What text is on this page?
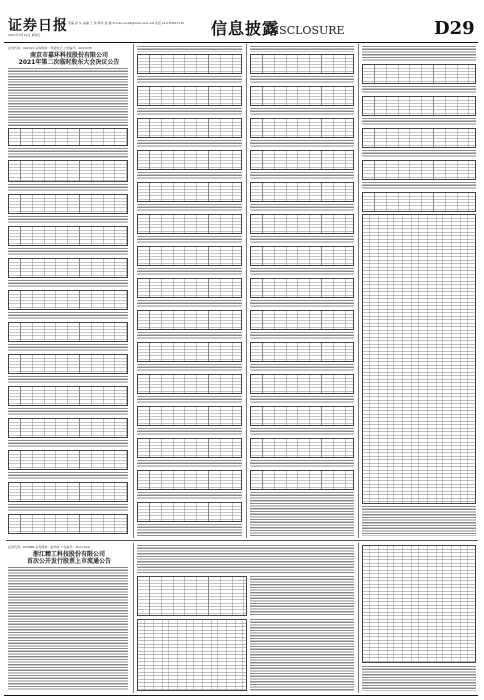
证券日报
2021年3月19日 星期五
责编 孙 华 美编 王 琦 制作 邱 婕 E-mail:zqrb9@zqrb.sina.net 电话 010-83251716 信息披露
DISCLOSURE	D29
证券代码：002121 证券简称：科陆电子 公告编号：2021035
南京市嘉环科技股份有限公司
2021年第二次临时股东大会决议公告
证券代码：603888 证券简称：新华网 公告编号：2021-010
浙江精工科技股份有限公司
首次公开发行股票上市流通公告
